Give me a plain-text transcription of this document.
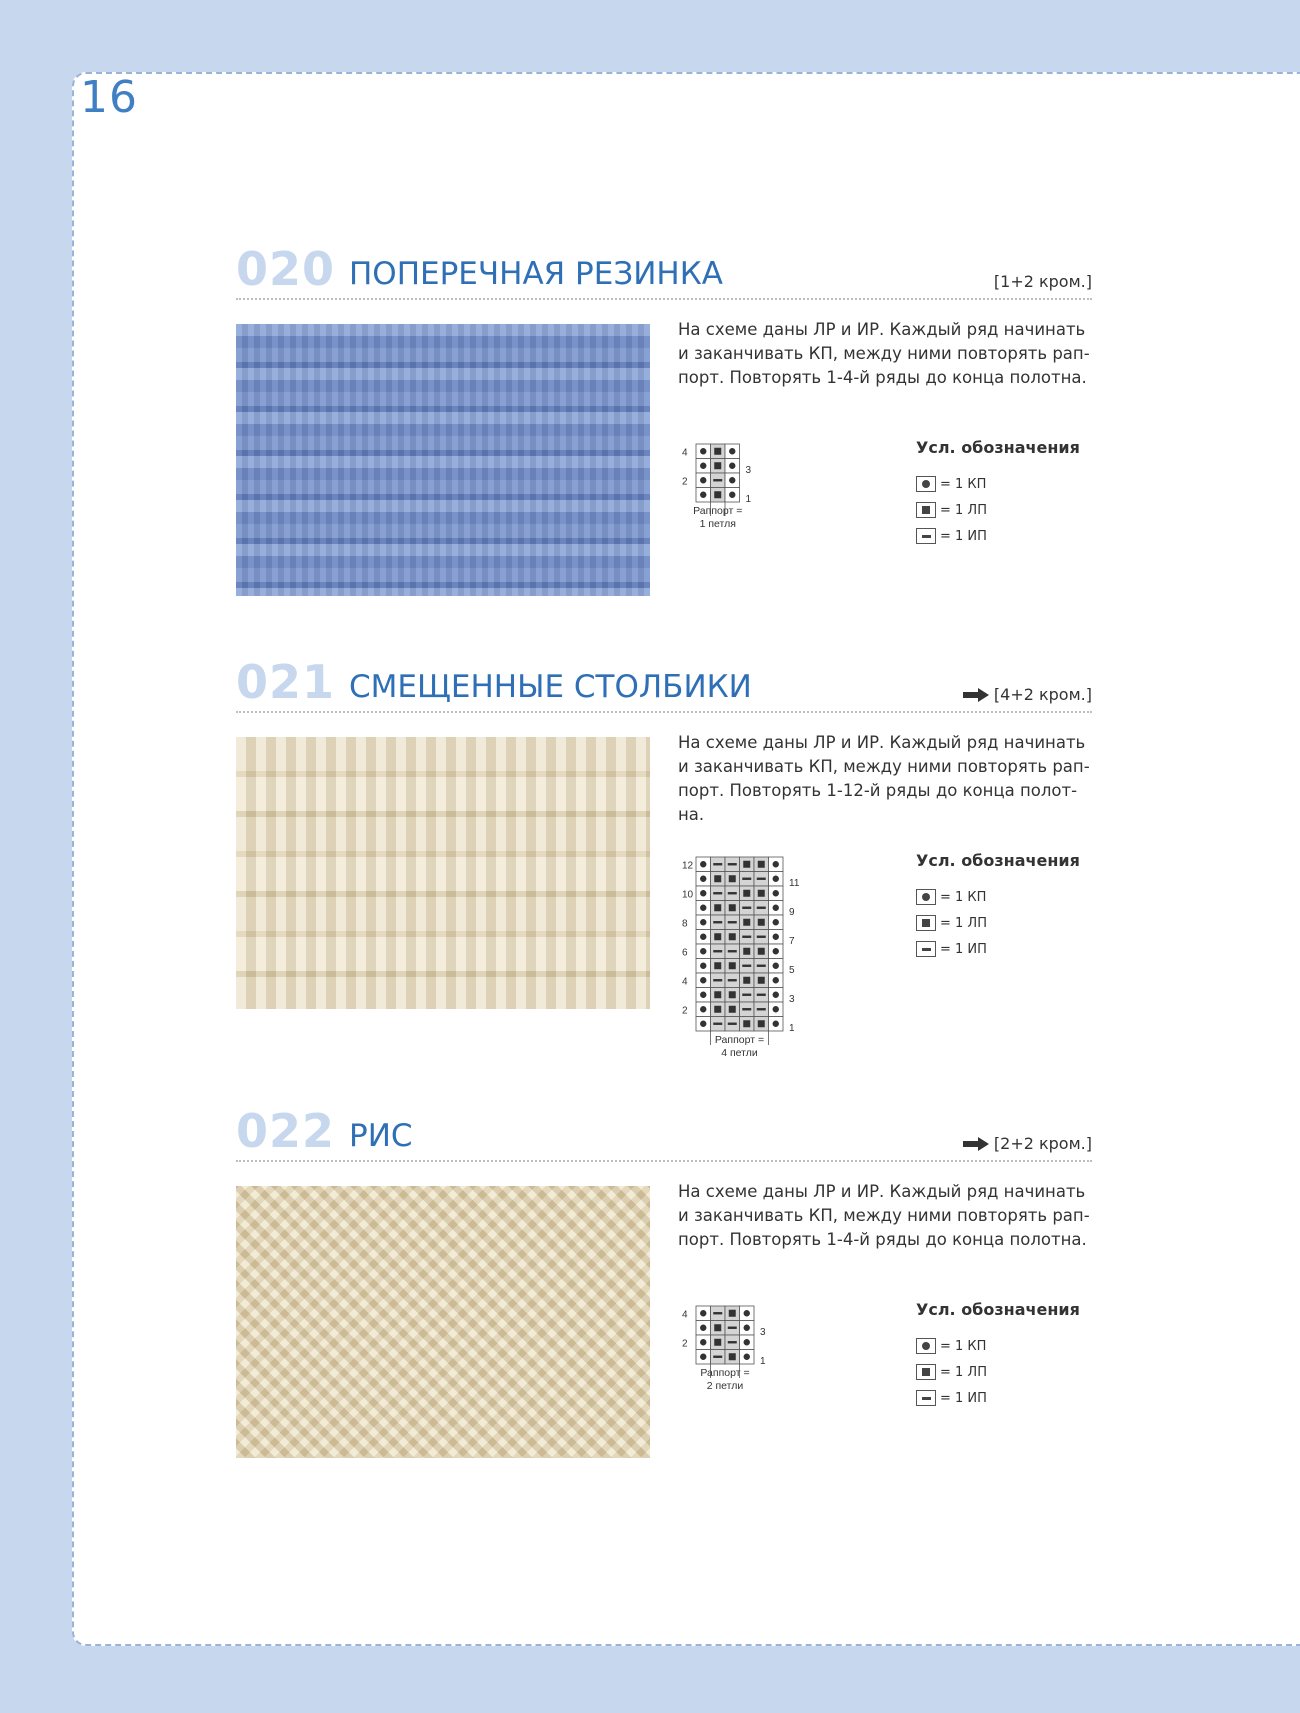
16
020 ПОПЕРЕЧНАЯ РЕЗИНКА	[1+2 кром.]
На схеме даны ЛР и ИР. Каждый ряд начинать
и заканчивать КП, между ними повторять рап-
порт. Повторять 1-4-й ряды до конца полотна.
4
2
3
1
Раппорт =
1 петля
Усл. обозначения
= 1 КП
= 1 ЛП
= 1 ИП
021 СМЕЩЕННЫЕ СТОЛБИКИ	[4+2 кром.]
На схеме даны ЛР и ИР. Каждый ряд начинать
и заканчивать КП, между ними повторять рап-
порт. Повторять 1-12-й ряды до конца полот-
на.
12
10
8
6
4
2
11
9
7
5
3
1
Раппорт =
4 петли
Усл. обозначения
= 1 КП
= 1 ЛП
= 1 ИП
022 РИС	[2+2 кром.]
На схеме даны ЛР и ИР. Каждый ряд начинать
и заканчивать КП, между ними повторять рап-
порт. Повторять 1-4-й ряды до конца полотна.
4
2
3
1
Раппорт =
2 петли
Усл. обозначения
= 1 КП
= 1 ЛП
= 1 ИП
